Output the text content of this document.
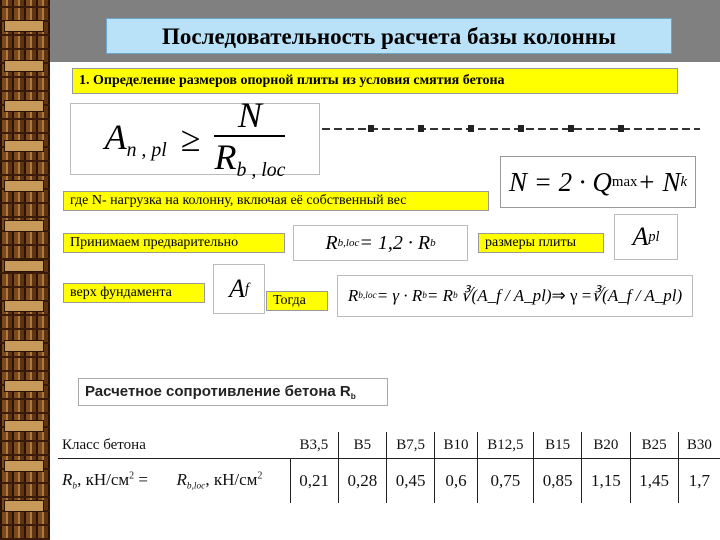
Последовательность расчета базы колонны
1. Определение размеров опорной плиты из условия смятия бетона
$A_{n , pl}$ ≥
N
$R_{b , loc}$	N = 2 · Q max + N k
где N- нагрузка на колонну, включая её собственный вес
Принимаем предварительно	R b,loc = 1,2 · R b	размеры плиты	A pl
верх фундамента	A f
Тогда	R b,loc = γ · R b = R b ∛(A_f / A_pl) ⇒ γ = ∛(A_f / A_pl)
Расчетное сопротивление бетона $R_b$
Класс бетона		B3,5	B5	B7,5	B10	B12,5	B15	B20	B25	B30
$R_b$, $кН/см^2$ =	$R_{b,loc}$, $кН/см^2$	0,21	0,28	0,45	0,6	0,75	0,85	1,15	1,45	1,7
